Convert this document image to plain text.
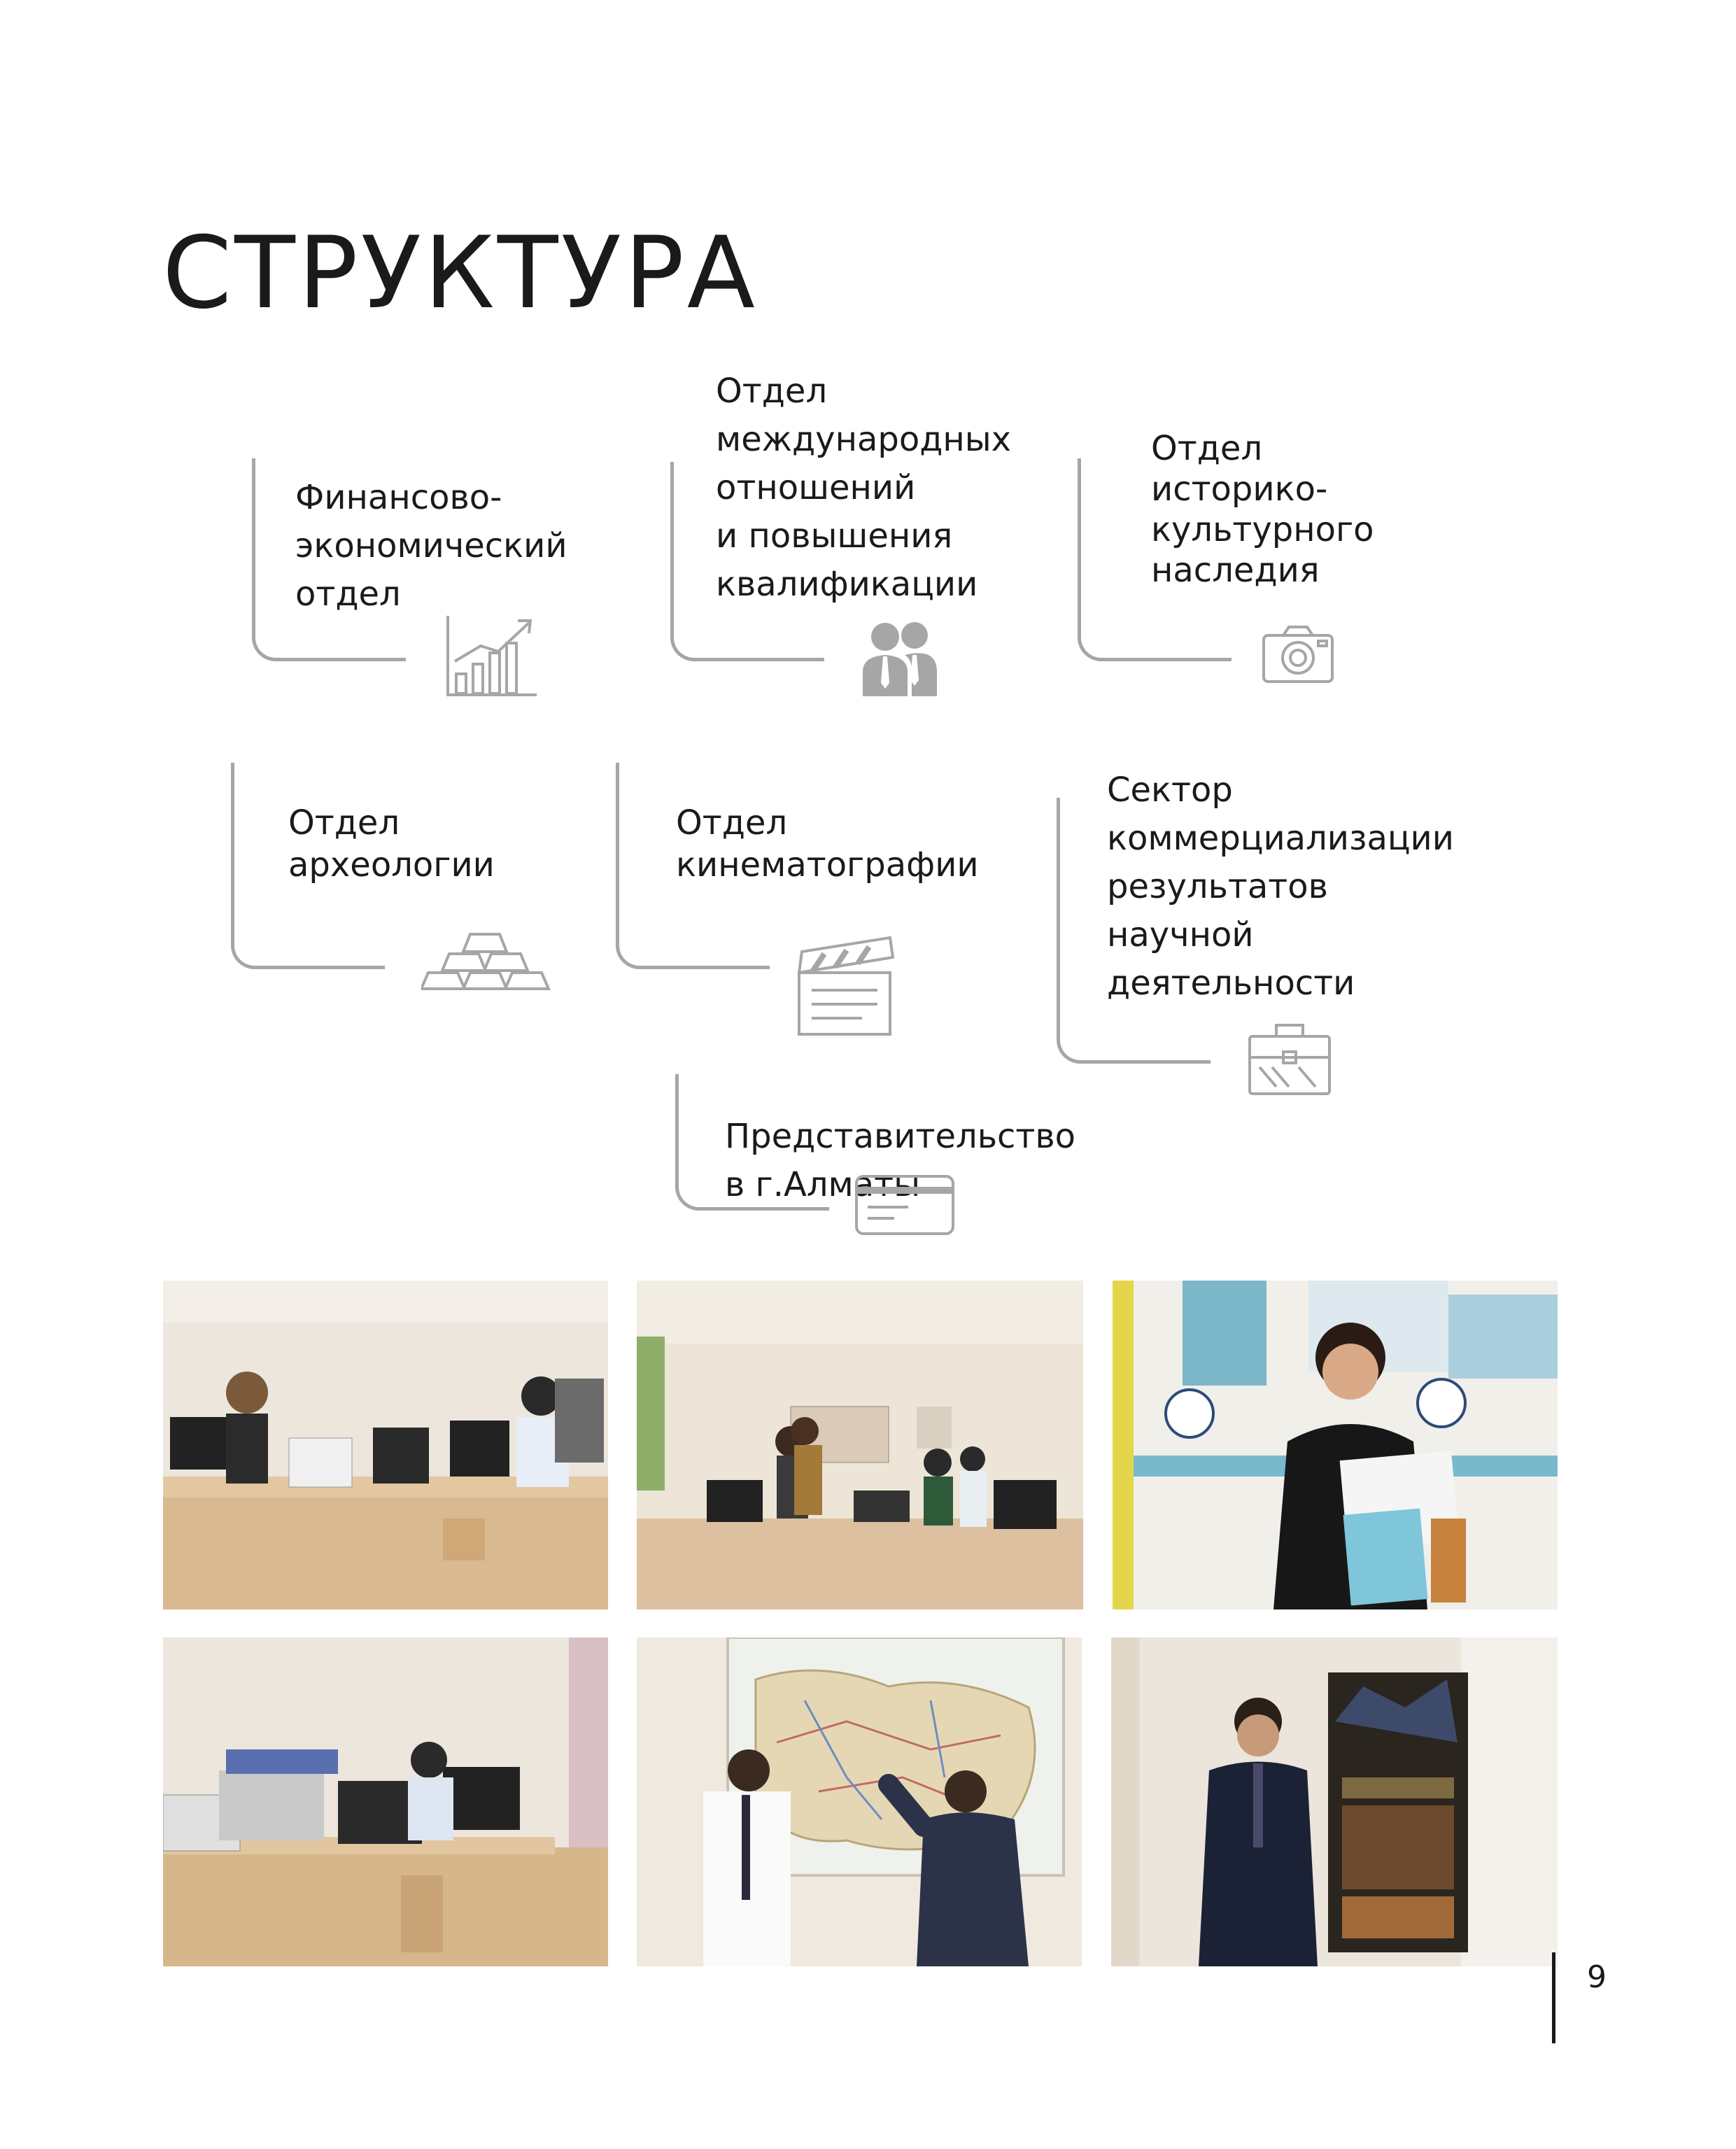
СТРУКТУРА
Финансово-
экономический
отдел
Отдел
международных
отношений
и повышения
квалификации
Отдел
историко-
культурного
наследия
Отдел
археологии
Отдел
кинематографии
Сектор
коммерциализации
результатов
научной
деятельности
Представительство в г.Алматы
9
